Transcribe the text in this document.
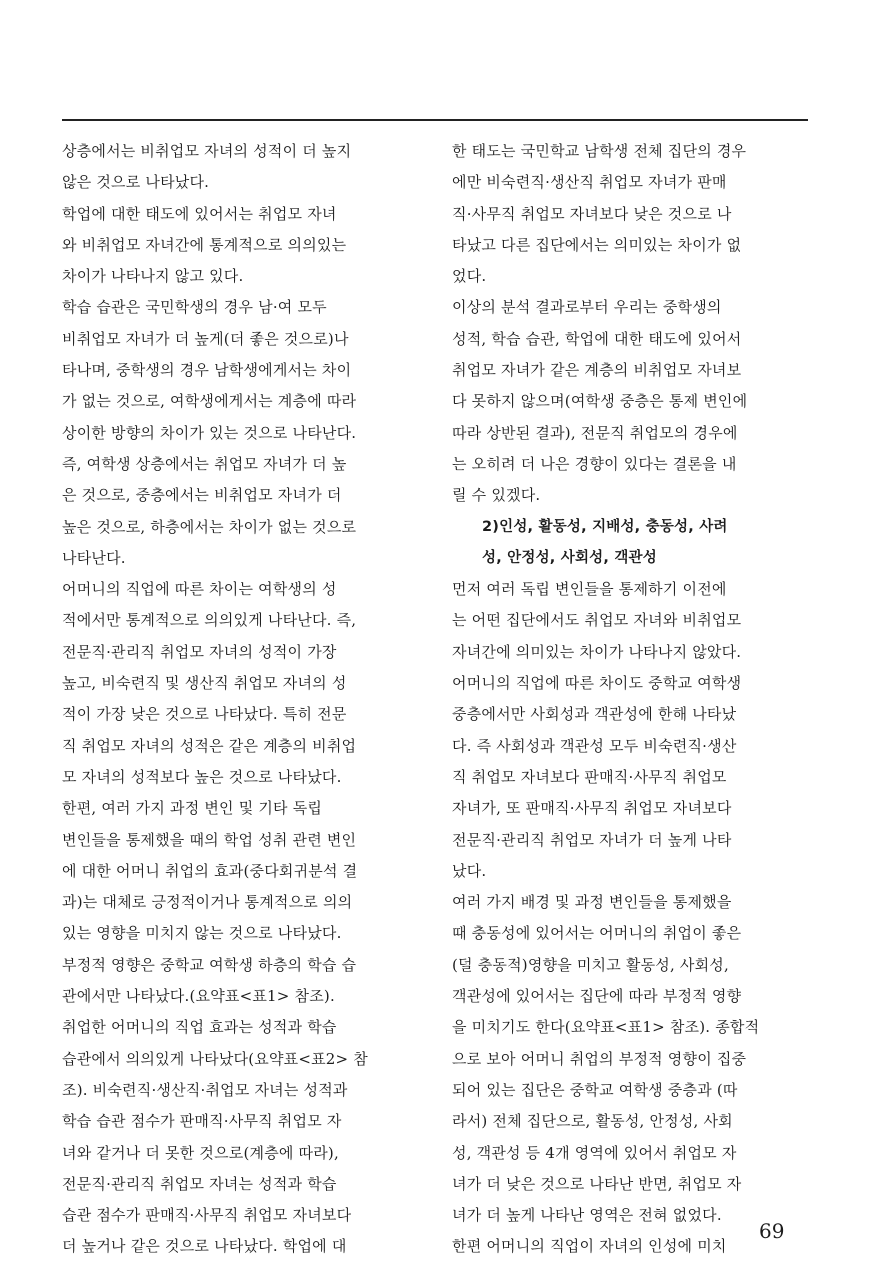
상층에서는 비취업모 자녀의 성적이 더 높지
않은 것으로 나타났다.

학업에 대한 태도에 있어서는 취업모 자녀
와 비취업모 자녀간에 통계적으로 의의있는
차이가 나타나지 않고 있다.

학습 습관은 국민학생의 경우 남·여 모두
비취업모 자녀가 더 높게(더 좋은 것으로)나
타나며, 중학생의 경우 남학생에게서는 차이
가 없는 것으로, 여학생에게서는 계층에 따라
상이한 방향의 차이가 있는 것으로 나타난다.
즉, 여학생 상층에서는 취업모 자녀가 더 높
은 것으로, 중층에서는 비취업모 자녀가 더
높은 것으로, 하층에서는 차이가 없는 것으로
나타난다.

어머니의 직업에 따른 차이는 여학생의 성
적에서만 통계적으로 의의있게 나타난다. 즉,
전문직·관리직 취업모 자녀의 성적이 가장
높고, 비숙련직 및 생산직 취업모 자녀의 성
적이 가장 낮은 것으로 나타났다. 특히 전문
직 취업모 자녀의 성적은 같은 계층의 비취업
모 자녀의 성적보다 높은 것으로 나타났다.

한편, 여러 가지 과정 변인 및 기타 독립
변인들을 통제했을 때의 학업 성취 관련 변인
에 대한 어머니 취업의 효과(중다회귀분석 결
과)는 대체로 긍정적이거나 통계적으로 의의
있는 영향을 미치지 않는 것으로 나타났다.
부정적 영향은 중학교 여학생 하층의 학습 습
관에서만 나타났다.(요약표<표1> 참조).

취업한 어머니의 직업 효과는 성적과 학습
습관에서 의의있게 나타났다(요약표<표2> 참
조). 비숙련직·생산직·취업모 자녀는 성적과
학습 습관 점수가 판매직·사무직 취업모 자
녀와 같거나 더 못한 것으로(계층에 따라),
전문직·관리직 취업모 자녀는 성적과 학습
습관 점수가 판매직·사무직 취업모 자녀보다
더 높거나 같은 것으로 나타났다. 학업에 대

한 태도는 국민학교 남학생 전체 집단의 경우
에만 비숙련직·생산직 취업모 자녀가 판매
직·사무직 취업모 자녀보다 낮은 것으로 나
타났고 다른 집단에서는 의미있는 차이가 없
었다.

이상의 분석 결과로부터 우리는 중학생의
성적, 학습 습관, 학업에 대한 태도에 있어서
취업모 자녀가 같은 계층의 비취업모 자녀보
다 못하지 않으며(여학생 중층은 통제 변인에
따라 상반된 결과), 전문직 취업모의 경우에
는 오히려 더 나은 경향이 있다는 결론을 내
릴 수 있겠다.

2)인성, 활동성, 지배성, 충동성, 사려
성, 안정성, 사회성, 객관성

먼저 여러 독립 변인들을 통제하기 이전에
는 어떤 집단에서도 취업모 자녀와 비취업모
자녀간에 의미있는 차이가 나타나지 않았다.
어머니의 직업에 따른 차이도 중학교 여학생
중층에서만 사회성과 객관성에 한해 나타났
다. 즉 사회성과 객관성 모두 비숙련직·생산
직 취업모 자녀보다 판매직·사무직 취업모
자녀가, 또 판매직·사무직 취업모 자녀보다
전문직·관리직 취업모 자녀가 더 높게 나타
났다.

여러 가지 배경 및 과정 변인들을 통제했을
때 충동성에 있어서는 어머니의 취업이 좋은
(덜 충동적)영향을 미치고 활동성, 사회성,
객관성에 있어서는 집단에 따라 부정적 영향
을 미치기도 한다(요약표<표1> 참조). 종합적
으로 보아 어머니 취업의 부정적 영향이 집중
되어 있는 집단은 중학교 여학생 중층과 (따
라서) 전체 집단으로, 활동성, 안정성, 사회
성, 객관성 등 4개 영역에 있어서 취업모 자
녀가 더 낮은 것으로 나타난 반면, 취업모 자
녀가 더 높게 나타난 영역은 전혀 없었다.

한편 어머니의 직업이 자녀의 인성에 미치

69
